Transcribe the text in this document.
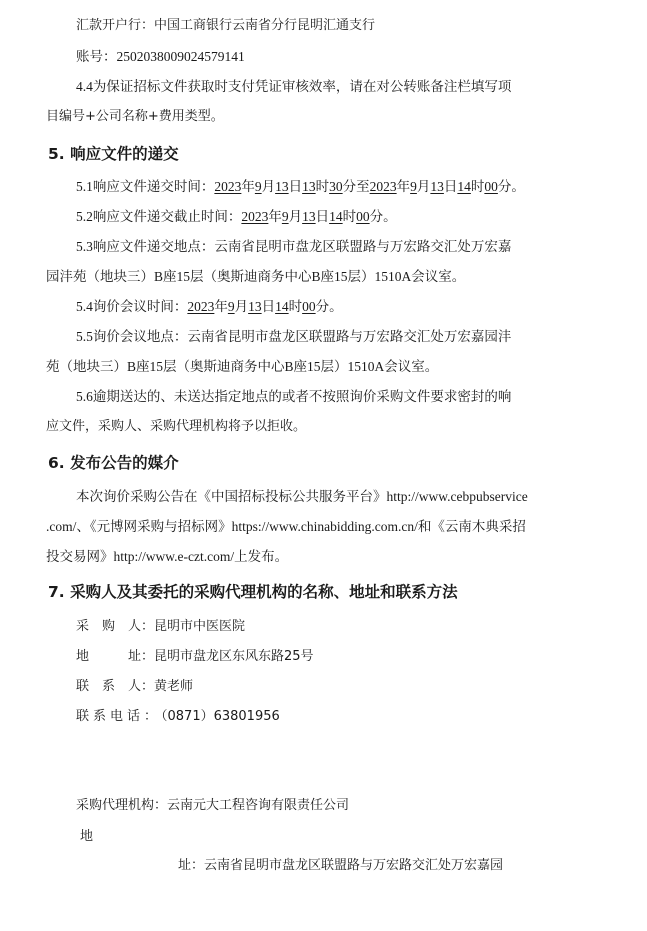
汇款开户行：中国工商银行云南省分行昆明汇通支行
账号：2502038009024579141
4.4为保证招标文件获取时支付凭证审核效率，请在对公转账备注栏填写项
目编号+公司名称+费用类型。
5. 响应文件的递交
5.1响应文件递交时间：2023年9月13日13时30分至2023年9月13日14时00分。
5.2响应文件递交截止时间：2023年9月13日14时00分。
5.3响应文件递交地点：云南省昆明市盘龙区联盟路与万宏路交汇处万宏嘉
园沣苑（地块三）B座15层（奥斯迪商务中心B座15层）1510A会议室。
5.4询价会议时间：2023年9月13日14时00分。
5.5询价会议地点：云南省昆明市盘龙区联盟路与万宏路交汇处万宏嘉园沣
苑（地块三）B座15层（奥斯迪商务中心B座15层）1510A会议室。
5.6逾期送达的、未送达指定地点的或者不按照询价采购文件要求密封的响
应文件，采购人、采购代理机构将予以拒收。
6. 发布公告的媒介
本次询价采购公告在《中国招标投标公共服务平台》http://www.cebpubservice
.com/、《元博网采购与招标网》https://www.chinabidding.com.cn/和《云南木典采招
投交易网》http://www.e-czt.com/上发布。
7. 采购人及其委托的采购代理机构的名称、地址和联系方法
采　购　人：昆明市中医医院
地　　　址：昆明市盘龙区东风东路25号
联　系　人：黄老师
联系电话：（0871）63801956
采购代理机构：云南元大工程咨询有限责任公司
地
址：云南省昆明市盘龙区联盟路与万宏路交汇处万宏嘉园
